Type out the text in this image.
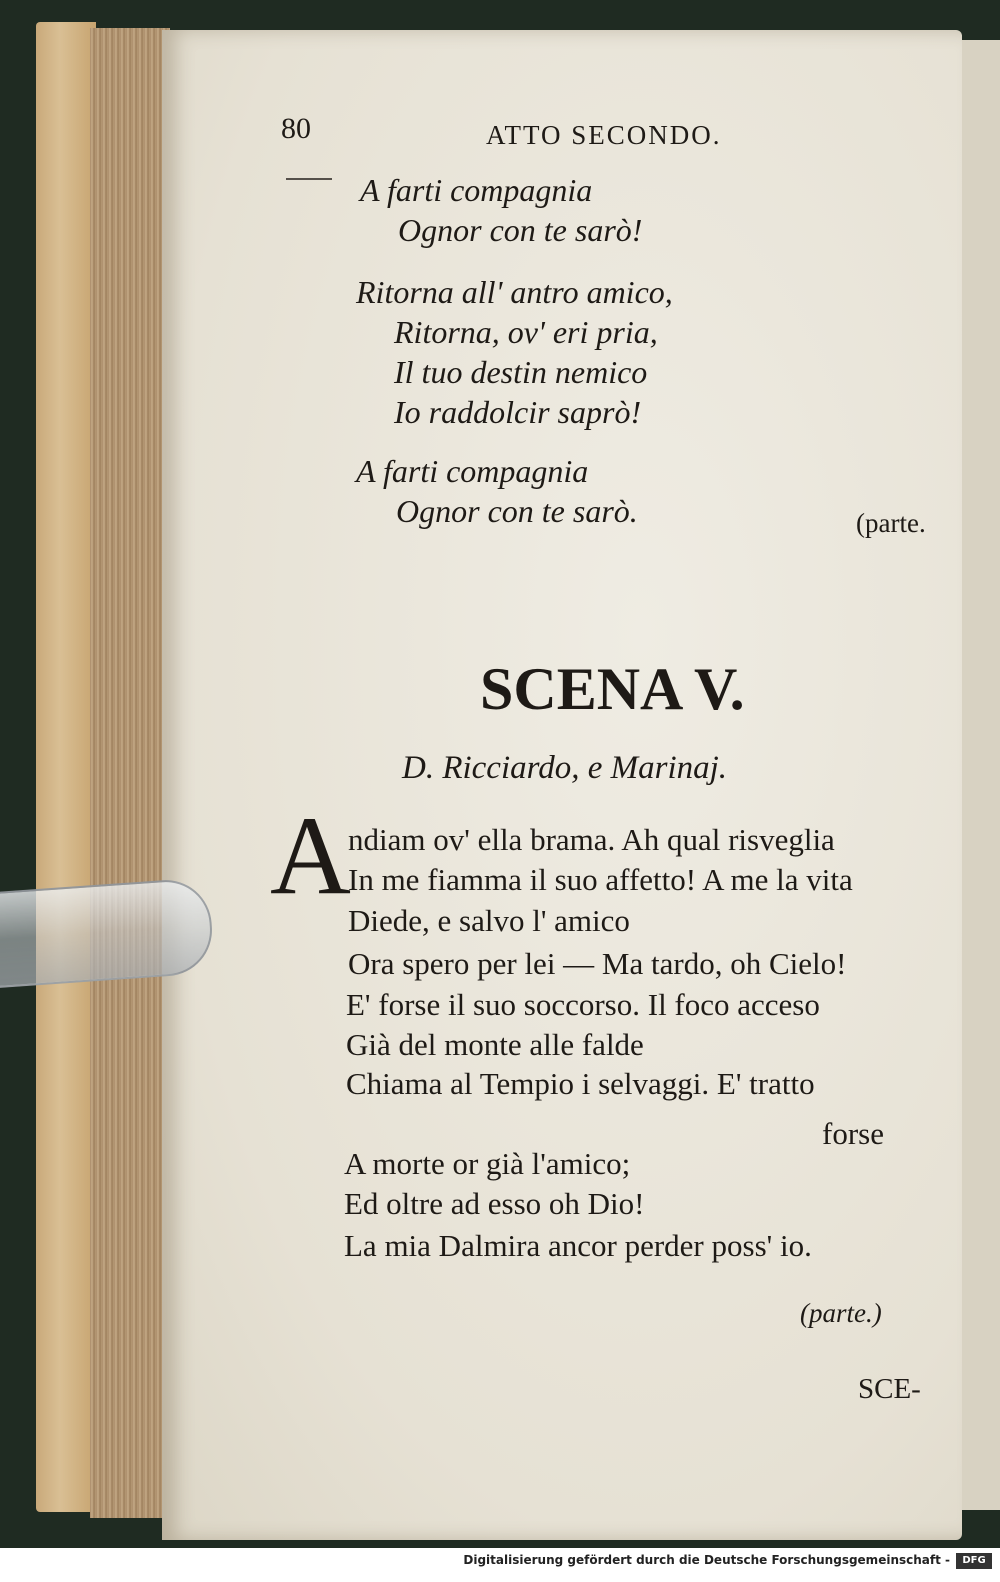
80	ATTO SECONDO.
A farti compagnia
Ognor con te sarò!
Ritorna all' antro amico,
Ritorna, ov' eri pria,
Il tuo destin nemico
Io raddolcir saprò!
A farti compagnia
Ognor con te sarò.	(parte.
SCENA V.
D. Ricciardo, e Marinaj.
A
ndiam ov' ella brama. Ah qual risveglia
In me fiamma il suo affetto! A me la vita
Diede, e salvo l' amico
Ora spero per lei — Ma tardo, oh Cielo!
E' forse il suo soccorso. Il foco acceso
Già del monte alle falde
Chiama al Tempio i selvaggi. E' tratto
forse
A morte or già l'amico;
Ed oltre ad esso oh Dio!
La mia Dalmira ancor perder poss' io.
(parte.)
SCE-
Digitalisierung gefördert durch die Deutsche Forschungsgemeinschaft -	DFG
